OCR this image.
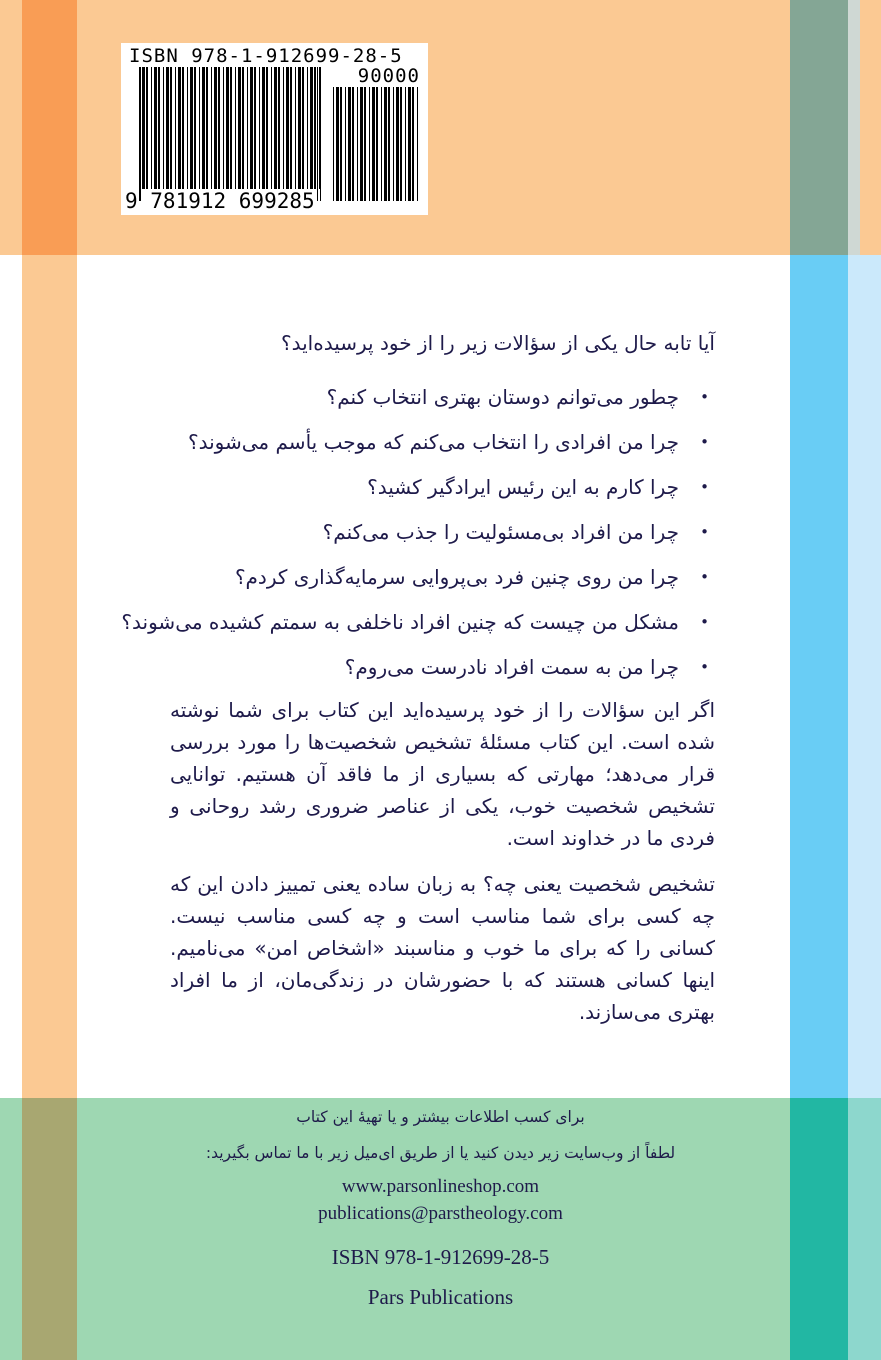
ISBN 978-1-912699-28-5
90000
9 781912 699285

آیا تابه حال یکی از سؤالات زیر را از خود پرسیده‌اید؟

•
چطور می‌توانم دوستان بهتری انتخاب کنم؟
•
چرا من افرادی را انتخاب می‌کنم که موجب یأسم می‌شوند؟
•
چرا کارم به این رئیس ایرادگیر کشید؟
•
چرا من افراد بی‌مسئولیت را جذب می‌کنم؟
•
چرا من روی چنین فرد بی‌پروایی سرمایه‌گذاری کردم؟
•
مشکل من چیست که چنین افراد ناخلفی به سمتم کشیده می‌شوند؟
•
چرا من به سمت افراد نادرست می‌روم؟

اگر این سؤالات را از خود پرسیده‌اید این کتاب برای شما نوشته شده است. این کتاب مسئلهٔ تشخیص شخصیت‌ها را مورد بررسی قرار می‌دهد؛ مهارتی که بسیاری از ما فاقد آن هستیم. توانایی تشخیص شخصیت خوب، یکی از عناصر ضروری رشد روحانی و فردی ما در خداوند است.

تشخیص شخصیت یعنی چه؟ به زبان ساده یعنی تمییز دادن این که چه کسی برای شما مناسب است و چه کسی مناسب نیست. کسانی را که برای ما خوب و مناسبند «اشخاص امن» می‌نامیم. اینها کسانی هستند که با حضورشان در زندگی‌مان، از ما افراد بهتری می‌سازند.

برای کسب اطلاعات بیشتر و یا تهیهٔ این کتاب
لطفاً از وب‌سایت زیر دیدن کنید یا از طریق ای‌میل زیر با ما تماس بگیرید:
www.parsonlineshop.com
publications@parstheology.com
ISBN 978-1-912699-28-5
Pars Publications
